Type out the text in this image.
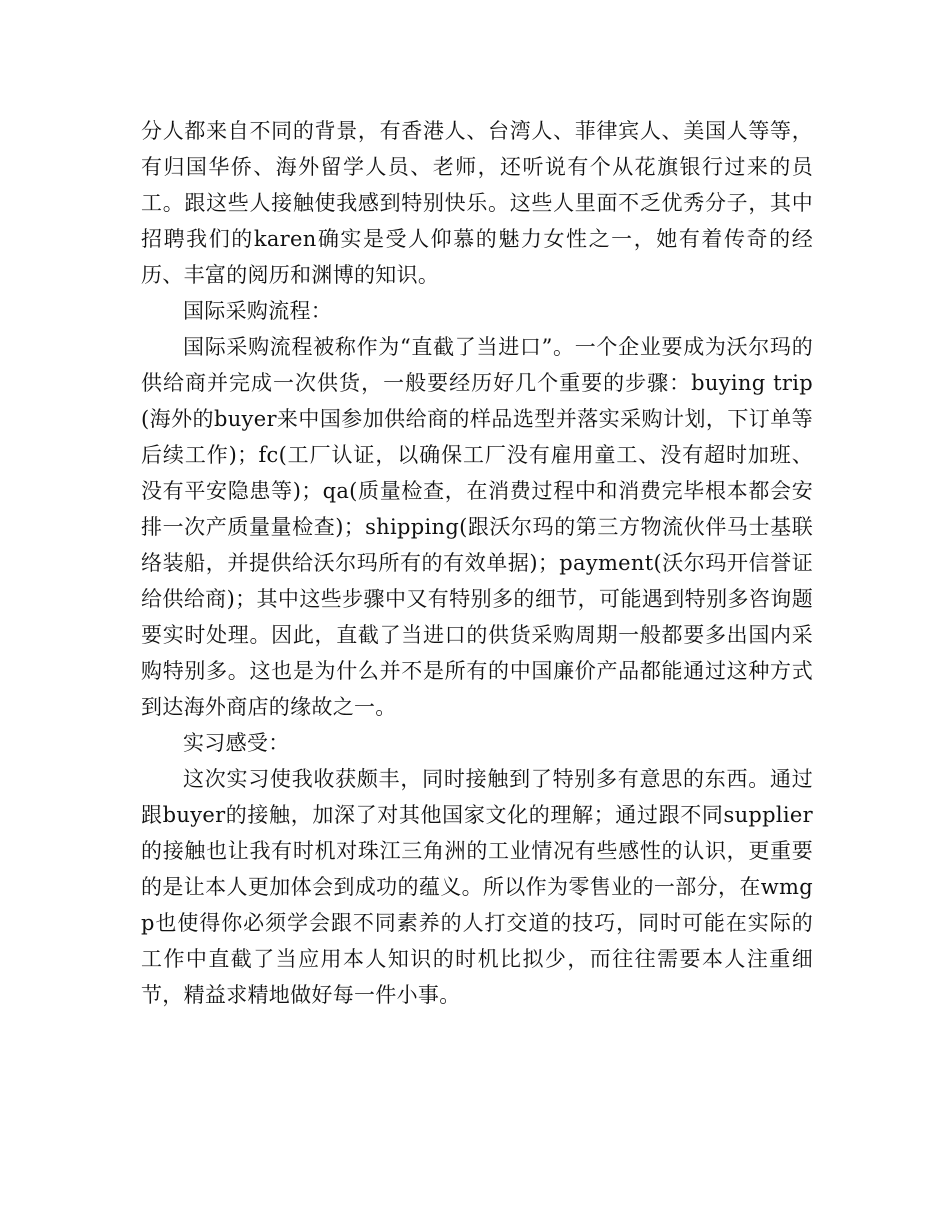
分人都来自不同的背景，有香港人、台湾人、菲律宾人、美国人等等，有归国华侨、海外留学人员、老师，还听说有个从花旗银行过来的员工。跟这些人接触使我感到特别快乐。这些人里面不乏优秀分子，其中招聘我们的karen确实是受人仰慕的魅力女性之一，她有着传奇的经历、丰富的阅历和渊博的知识。

国际采购流程：

国际采购流程被称作为“直截了当进口”。一个企业要成为沃尔玛的供给商并完成一次供货，一般要经历好几个重要的步骤：buying trip(海外的buyer来中国参加供给商的样品选型并落实采购计划，下订单等后续工作)；fc(工厂认证，以确保工厂没有雇用童工、没有超时加班、没有平安隐患等)；qa(质量检查，在消费过程中和消费完毕根本都会安排一次产质量量检查)；shipping(跟沃尔玛的第三方物流伙伴马士基联络装船，并提供给沃尔玛所有的有效单据)；payment(沃尔玛开信誉证给供给商)；其中这些步骤中又有特别多的细节，可能遇到特别多咨询题要实时处理。因此，直截了当进口的供货采购周期一般都要多出国内采购特别多。这也是为什么并不是所有的中国廉价产品都能通过这种方式到达海外商店的缘故之一。

实习感受：

这次实习使我收获颇丰，同时接触到了特别多有意思的东西。通过跟buyer的接触，加深了对其他国家文化的理解；通过跟不同supplier的接触也让我有时机对珠江三角洲的工业情况有些感性的认识，更重要的是让本人更加体会到成功的蕴义。所以作为零售业的一部分，在wmgp也使得你必须学会跟不同素养的人打交道的技巧，同时可能在实际的工作中直截了当应用本人知识的时机比拟少，而往往需要本人注重细节，精益求精地做好每一件小事。
